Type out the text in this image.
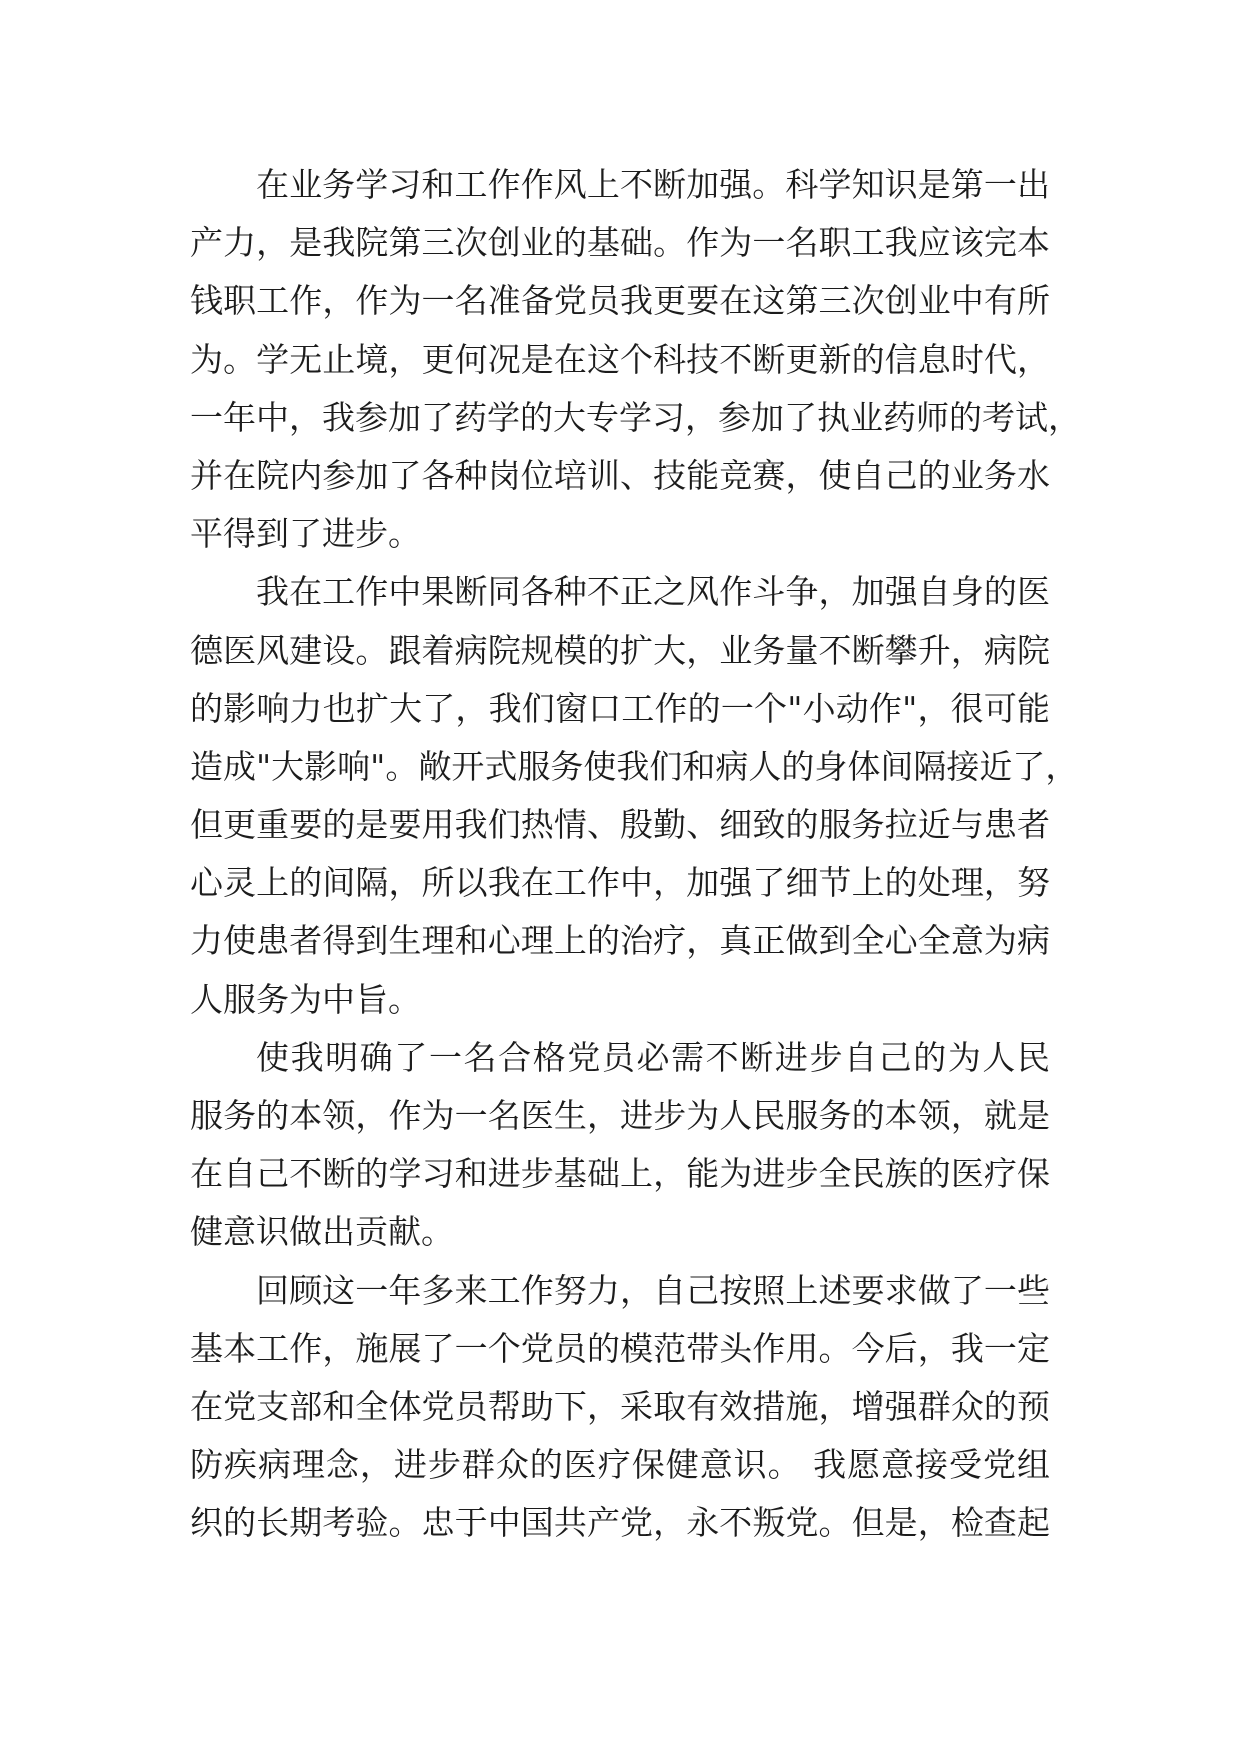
在业务学习和工作作风上不断加强。科学知识是第一出
产力，是我院第三次创业的基础。作为一名职工我应该完本
钱职工作，作为一名准备党员我更要在这第三次创业中有所
为。学无止境，更何况是在这个科技不断更新的信息时代，
一年中，我参加了药学的大专学习，参加了执业药师的考试，
并在院内参加了各种岗位培训、技能竞赛，使自己的业务水
平得到了进步。
我在工作中果断同各种不正之风作斗争，加强自身的医
德医风建设。跟着病院规模的扩大，业务量不断攀升，病院
的影响力也扩大了，我们窗口工作的一个"小动作"，很可能
造成"大影响"。敞开式服务使我们和病人的身体间隔接近了，
但更重要的是要用我们热情、殷勤、细致的服务拉近与患者
心灵上的间隔，所以我在工作中，加强了细节上的处理，努
力使患者得到生理和心理上的治疗，真正做到全心全意为病
人服务为中旨。
使我明确了一名合格党员必需不断进步自己的为人民
服务的本领，作为一名医生，进步为人民服务的本领，就是
在自己不断的学习和进步基础上，能为进步全民族的医疗保
健意识做出贡献。
回顾这一年多来工作努力，自己按照上述要求做了一些
基本工作，施展了一个党员的模范带头作用。今后，我一定
在党支部和全体党员帮助下，采取有效措施，增强群众的预
防疾病理念，进步群众的医疗保健意识。 我愿意接受党组
织的长期考验。忠于中国共产党，永不叛党。但是，检查起
